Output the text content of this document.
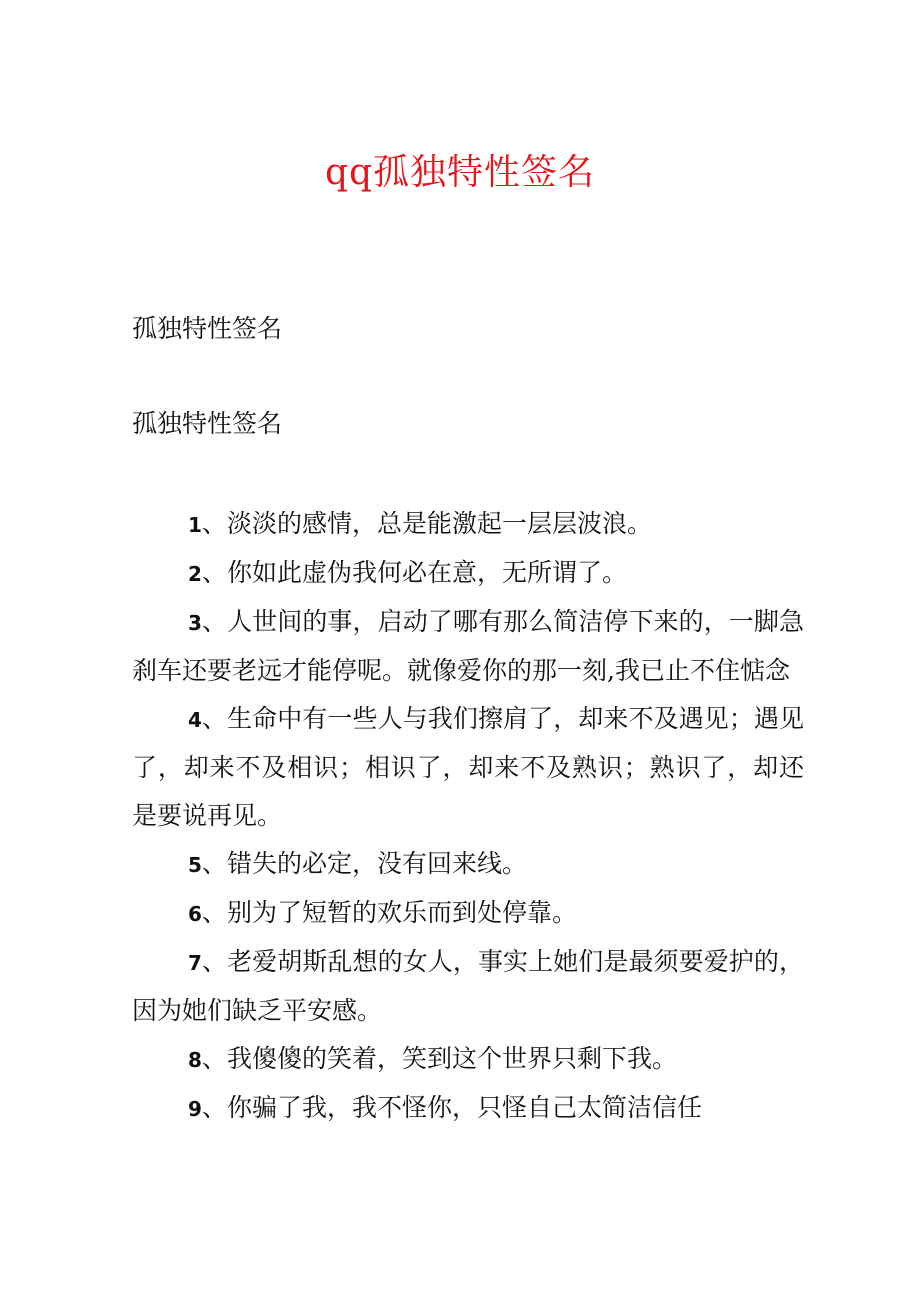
qq孤独特性签名

孤独特性签名

孤独特性签名

1、淡淡的感情，总是能激起一层层波浪。

2、你如此虚伪我何必在意，无所谓了。

3、人世间的事，启动了哪有那么简洁停下来的，一脚急刹车还要老远才能停呢。就像爱你的那一刻,我已止不住惦念

4、生命中有一些人与我们擦肩了，却来不及遇见；遇见了，却来不及相识；相识了，却来不及熟识；熟识了，却还是要说再见。

5、错失的必定，没有回来线。

6、别为了短暂的欢乐而到处停靠。

7、老爱胡斯乱想的女人，事实上她们是最须要爱护的，因为她们缺乏平安感。

8、我傻傻的笑着，笑到这个世界只剩下我。

9、你骗了我，我不怪你，只怪自己太简洁信任
